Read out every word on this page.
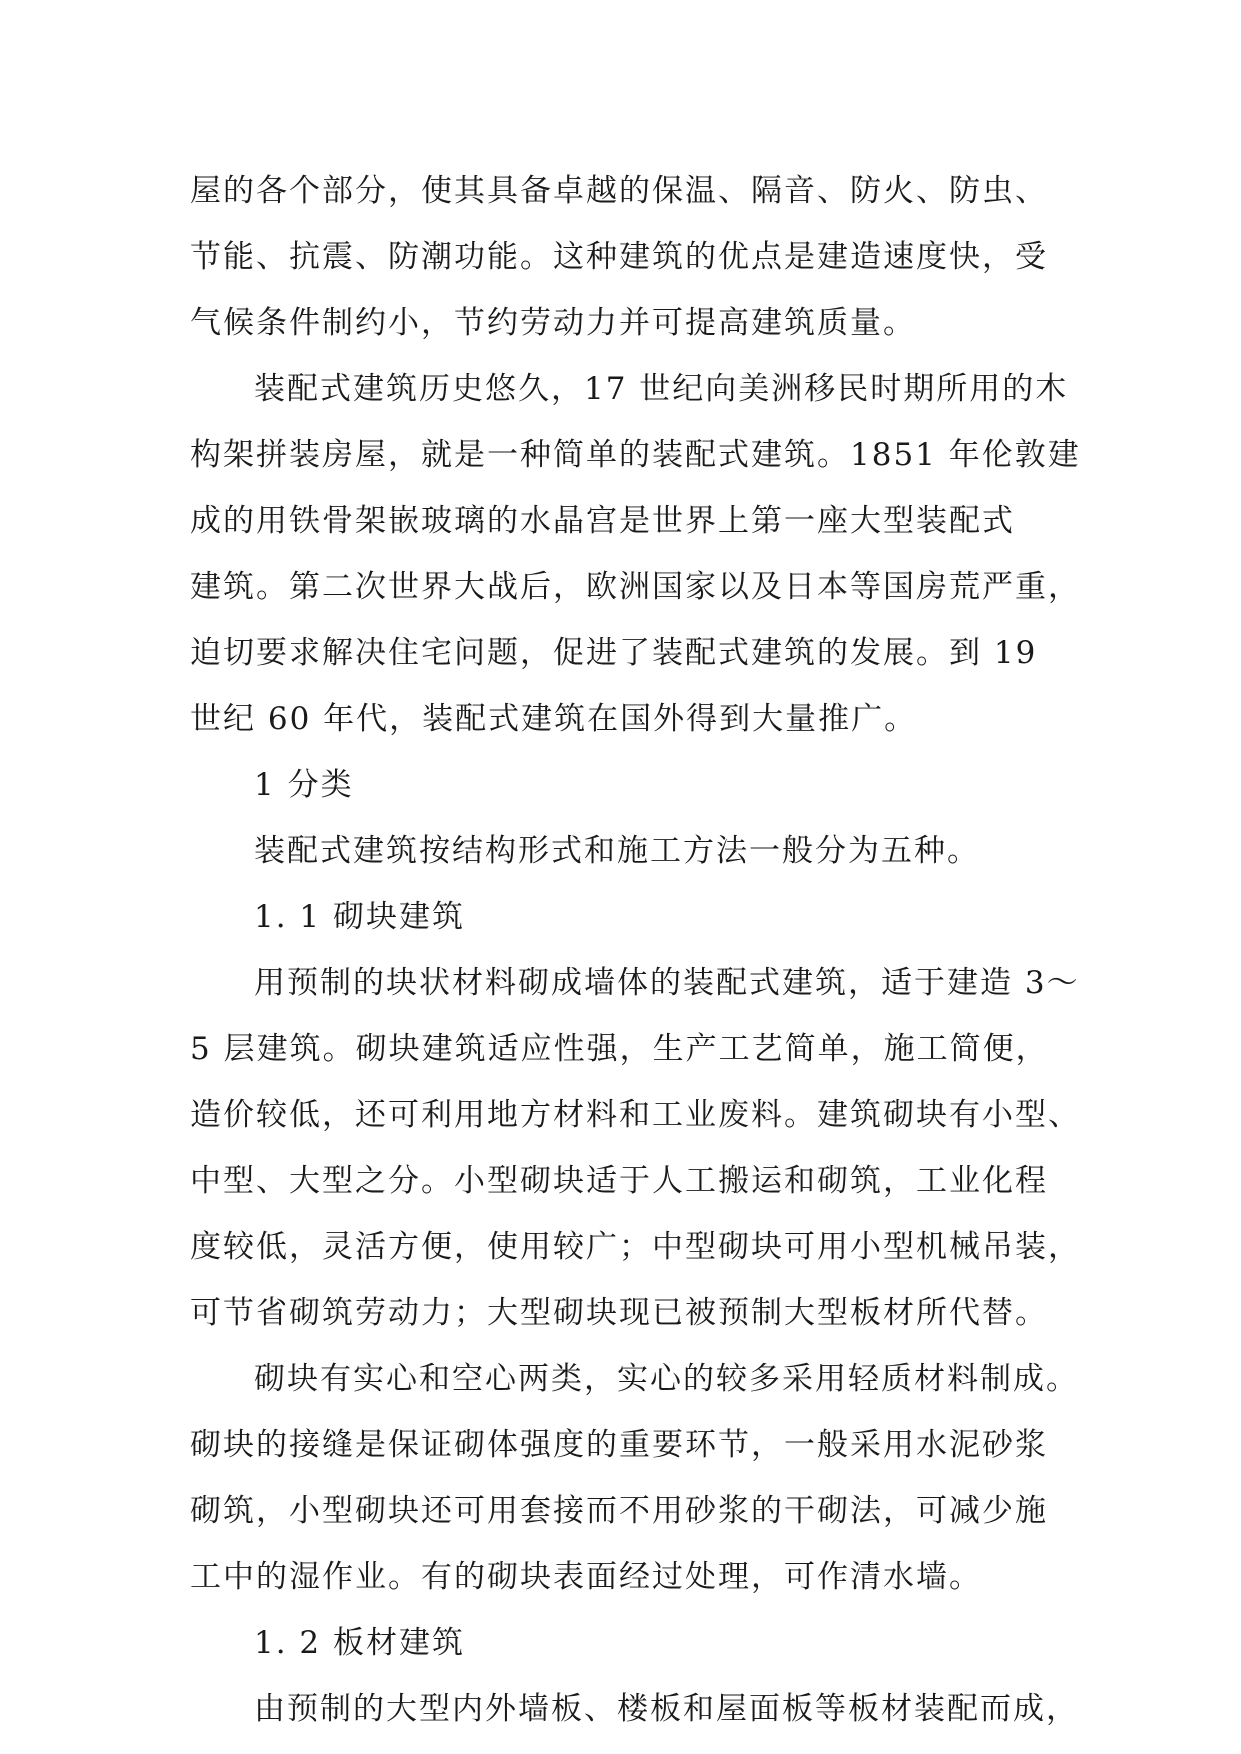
屋的各个部分，使其具备卓越的保温、隔音、防火、防虫、
节能、抗震、防潮功能。这种建筑的优点是建造速度快，受
气候条件制约小，节约劳动力并可提高建筑质量。
装配式建筑历史悠久，17 世纪向美洲移民时期所用的木
构架拼装房屋，就是一种简单的装配式建筑。1851 年伦敦建
成的用铁骨架嵌玻璃的水晶宫是世界上第一座大型装配式
建筑。第二次世界大战后，欧洲国家以及日本等国房荒严重，
迫切要求解决住宅问题，促进了装配式建筑的发展。到 19
世纪 60 年代，装配式建筑在国外得到大量推广。
1 分类
装配式建筑按结构形式和施工方法一般分为五种。
1. 1 砌块建筑
用预制的块状材料砌成墙体的装配式建筑，适于建造 3～
5 层建筑。砌块建筑适应性强，生产工艺简单，施工简便，
造价较低，还可利用地方材料和工业废料。建筑砌块有小型、
中型、大型之分。小型砌块适于人工搬运和砌筑，工业化程
度较低，灵活方便，使用较广；中型砌块可用小型机械吊装，
可节省砌筑劳动力；大型砌块现已被预制大型板材所代替。
砌块有实心和空心两类，实心的较多采用轻质材料制成。
砌块的接缝是保证砌体强度的重要环节，一般采用水泥砂浆
砌筑，小型砌块还可用套接而不用砂浆的干砌法，可减少施
工中的湿作业。有的砌块表面经过处理，可作清水墙。
1. 2 板材建筑
由预制的大型内外墙板、楼板和屋面板等板材装配而成，
